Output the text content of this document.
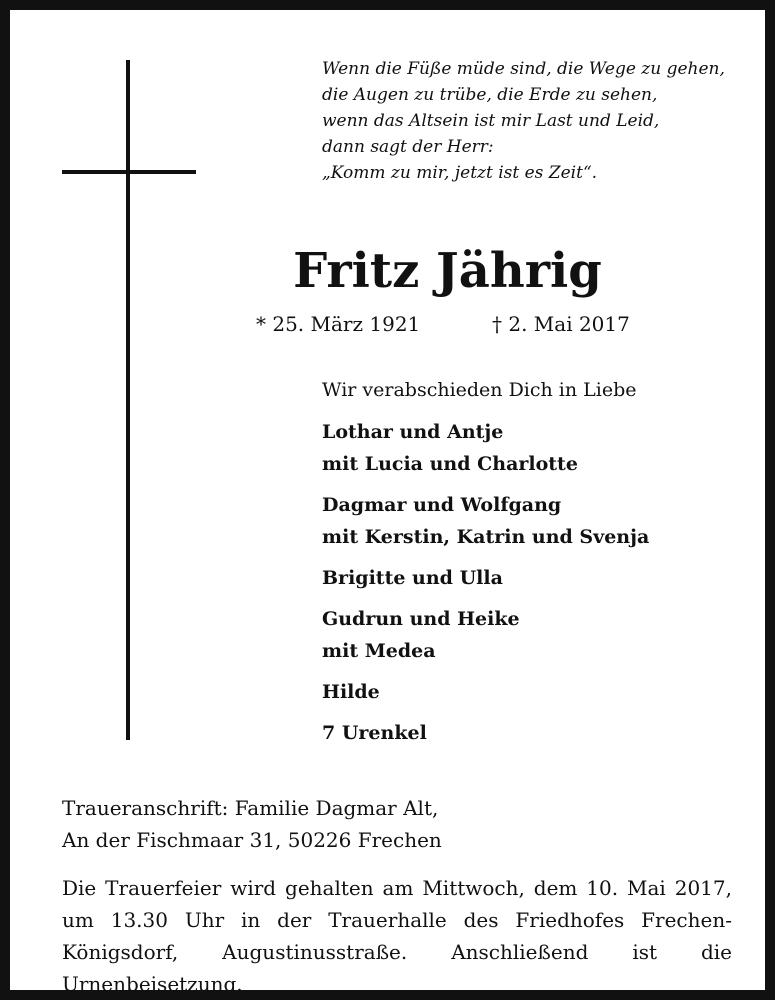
Wenn die Füße müde sind, die Wege zu gehen,
die Augen zu trübe, die Erde zu sehen,
wenn das Altsein ist mir Last und Leid,
dann sagt der Herr:
„Komm zu mir, jetzt ist es Zeit“.
Fritz Jährig
* 25. März 1921	† 2. Mai 2017
Wir verabschieden Dich in Liebe
Lothar und Antje
mit Lucia und Charlotte
Dagmar und Wolfgang
mit Kerstin, Katrin und Svenja
Brigitte und Ulla
Gudrun und Heike
mit Medea
Hilde
7 Urenkel
Traueranschrift: Familie Dagmar Alt,
An der Fischmaar 31, 50226 Frechen
Die Trauerfeier wird gehalten am Mittwoch, dem 10. Mai 2017, um 13.30 Uhr in der Trauerhalle des Friedhofes Frechen-Königsdorf, Augustinusstraße. Anschließend ist die Urnenbeisetzung.
